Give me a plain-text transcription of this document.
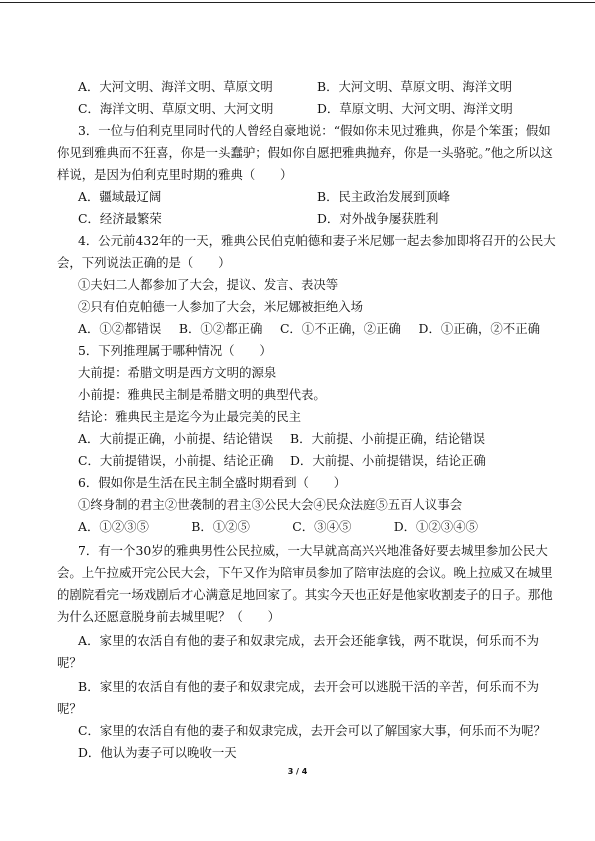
A．大河文明、海洋文明、草原文明	B．大河文明、草原文明、海洋文明
C．海洋文明、草原文明、大河文明	D．草原文明、大河文明、海洋文明
3．一位与伯利克里同时代的人曾经自豪地说：“假如你未见过雅典，你是个笨蛋；假如
你见到雅典而不狂喜，你是一头蠢驴；假如你自愿把雅典抛弃，你是一头骆驼。”他之所以这
样说，是因为伯利克里时期的雅典（　　）
A．疆域最辽阔	B．民主政治发展到顶峰
C．经济最繁荣	D．对外战争屡获胜利
4．公元前432年的一天，雅典公民伯克帕德和妻子米尼娜一起去参加即将召开的公民大
会，下列说法正确的是（　　）
①夫妇二人都参加了大会，提议、发言、表决等
②只有伯克帕德一人参加了大会，米尼娜被拒绝入场
A．①②都错误 B．①②都正确 C．①不正确，②正确 D．①正确，②不正确
5．下列推理属于哪种情况（　　）
大前提：希腊文明是西方文明的源泉
小前提：雅典民主制是希腊文明的典型代表。
结论：雅典民主是迄今为止最完美的民主
A．大前提正确，小前提、结论错误 B．大前提、小前提正确，结论错误
C．大前提错误，小前提、结论正确 D．大前提、小前提错误，结论正确
6．假如你是生活在民主制全盛时期看到（　　）
①终身制的君主②世袭制的君主③公民大会④民众法庭⑤五百人议事会
A．①②③⑤	B．①②⑤	C．③④⑤	D．①②③④⑤
7．有一个30岁的雅典男性公民拉威，一大早就高高兴兴地准备好要去城里参加公民大
会。上午拉威开完公民大会，下午又作为陪审员参加了陪审法庭的会议。晚上拉威又在城里
的剧院看完一场戏剧后才心满意足地回家了。其实今天也正好是他家收割麦子的日子。那他
为什么还愿意脱身前去城里呢？（　　）
A．家里的农活自有他的妻子和奴隶完成，去开会还能拿钱，两不耽误，何乐而不为
呢？
B．家里的农活自有他的妻子和奴隶完成，去开会可以逃脱干活的辛苦，何乐而不为
呢？
C．家里的农活自有他的妻子和奴隶完成，去开会可以了解国家大事，何乐而不为呢？
D．他认为妻子可以晚收一天
3 / 4
